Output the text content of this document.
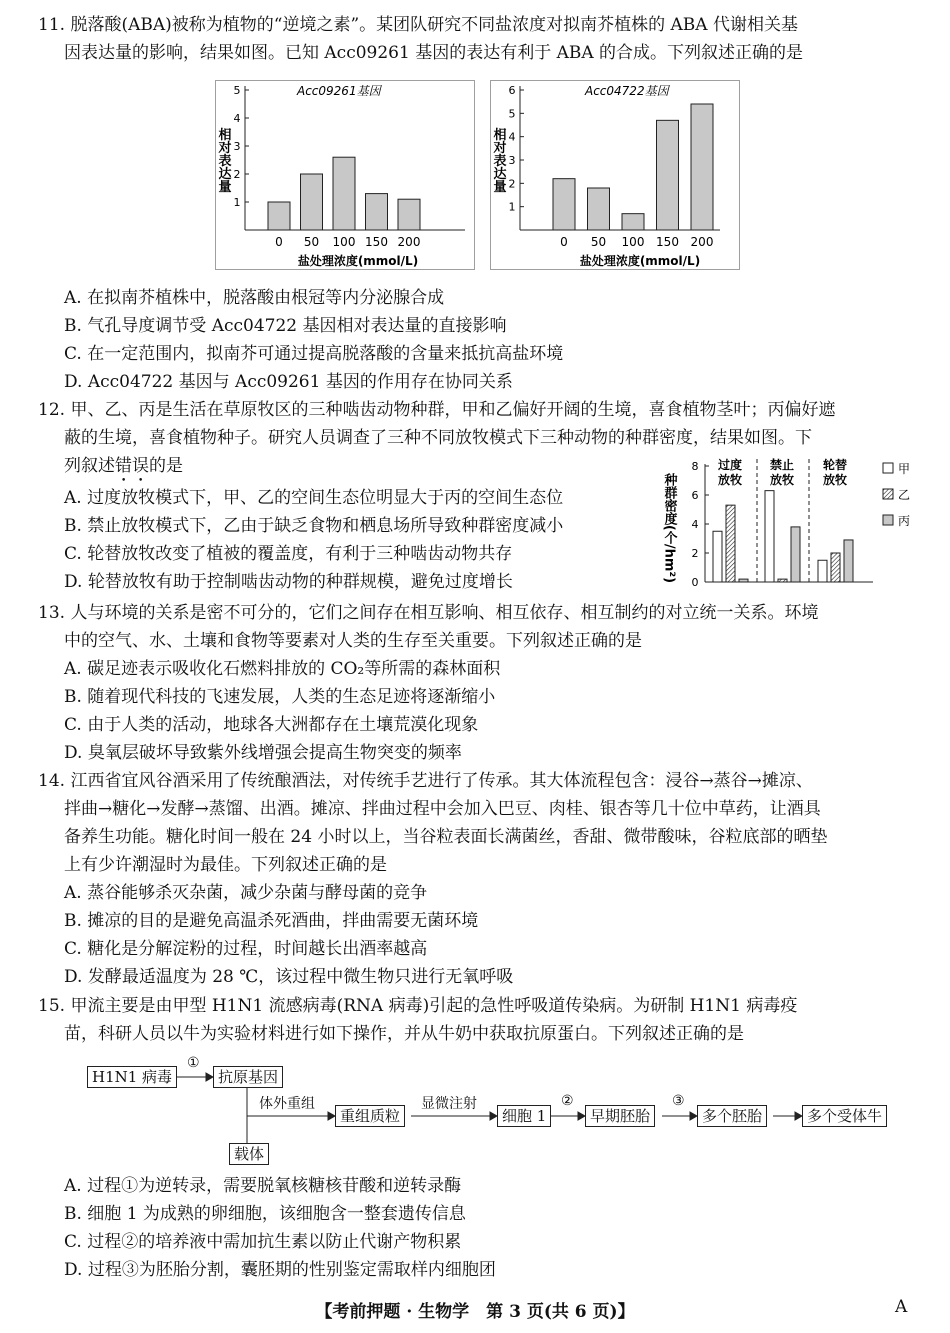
11. 脱落酸(ABA)被称为植物的“逆境之素”。某团队研究不同盐浓度对拟南芥植株的 ABA 代谢相关基
因表达量的影响，结果如图。已知 Acc09261 基因的表达有利于 ABA 的合成。下列叙述正确的是
Acc09261基因
1
2
3
4
5
相对表达量
0 50 100 150 200
盐处理浓度(mmol/L)
Acc04722基因
1
2
3
4
5
6
相对表达量
0 50 100 150 200
盐处理浓度(mmol/L)
A. 在拟南芥植株中，脱落酸由根冠等内分泌腺合成
B. 气孔导度调节受 Acc04722 基因相对表达量的直接影响
C. 在一定范围内，拟南芥可通过提高脱落酸的含量来抵抗高盐环境
D. Acc04722 基因与 Acc09261 基因的作用存在协同关系
12. 甲、乙、丙是生活在草原牧区的三种啮齿动物种群，甲和乙偏好开阔的生境，喜食植物茎叶；丙偏好遮
蔽的生境，喜食植物种子。研究人员调查了三种不同放牧模式下三种动物的种群密度，结果如图。下
列叙述错误的是
A. 过度放牧模式下，甲、乙的空间生态位明显大于丙的空间生态位
B. 禁止放牧模式下，乙由于缺乏食物和栖息场所导致种群密度减小
C. 轮替放牧改变了植被的覆盖度，有利于三种啮齿动物共存
D. 轮替放牧有助于控制啮齿动物的种群规模，避免过度增长	0
2
4
6
8
种群密度(个/hm²)
过度
放牧
禁止
放牧
轮替
放牧
甲
乙
丙
13. 人与环境的关系是密不可分的，它们之间存在相互影响、相互依存、相互制约的对立统一关系。环境
中的空气、水、土壤和食物等要素对人类的生存至关重要。下列叙述正确的是
A. 碳足迹表示吸收化石燃料排放的 CO₂等所需的森林面积
B. 随着现代科技的飞速发展，人类的生态足迹将逐渐缩小
C. 由于人类的活动，地球各大洲都存在土壤荒漠化现象
D. 臭氧层破坏导致紫外线增强会提高生物突变的频率
14. 江西省宜风谷酒采用了传统酿酒法，对传统手艺进行了传承。其大体流程包含：浸谷→蒸谷→摊凉、
拌曲→糖化→发酵→蒸馏、出酒。摊凉、拌曲过程中会加入巴豆、肉桂、银杏等几十位中草药，让酒具
备养生功能。糖化时间一般在 24 小时以上，当谷粒表面长满菌丝，香甜、微带酸味，谷粒底部的晒垫
上有少许潮湿时为最佳。下列叙述正确的是
A. 蒸谷能够杀灭杂菌，减少杂菌与酵母菌的竞争
B. 摊凉的目的是避免高温杀死酒曲，拌曲需要无菌环境
C. 糖化是分解淀粉的过程，时间越长出酒率越高
D. 发酵最适温度为 28 ℃，该过程中微生物只进行无氧呼吸
15. 甲流主要是由甲型 H1N1 流感病毒(RNA 病毒)引起的急性呼吸道传染病。为研制 H1N1 病毒疫
苗，科研人员以牛为实验材料进行如下操作，并从牛奶中获取抗原蛋白。下列叙述正确的是
H1N1 病毒
①
抗原基因
体外重组
重组质粒
显微注射
细胞 1
②
早期胚胎
③
多个胚胎	多个受体牛
载体
A. 过程①为逆转录，需要脱氧核糖核苷酸和逆转录酶
B. 细胞 1 为成熟的卵细胞，该细胞含一整套遗传信息
C. 过程②的培养液中需加抗生素以防止代谢产物积累
D. 过程③为胚胎分割，囊胚期的性别鉴定需取样内细胞团
【考前押题 · 生物学　第 3 页(共 6 页)】	A
